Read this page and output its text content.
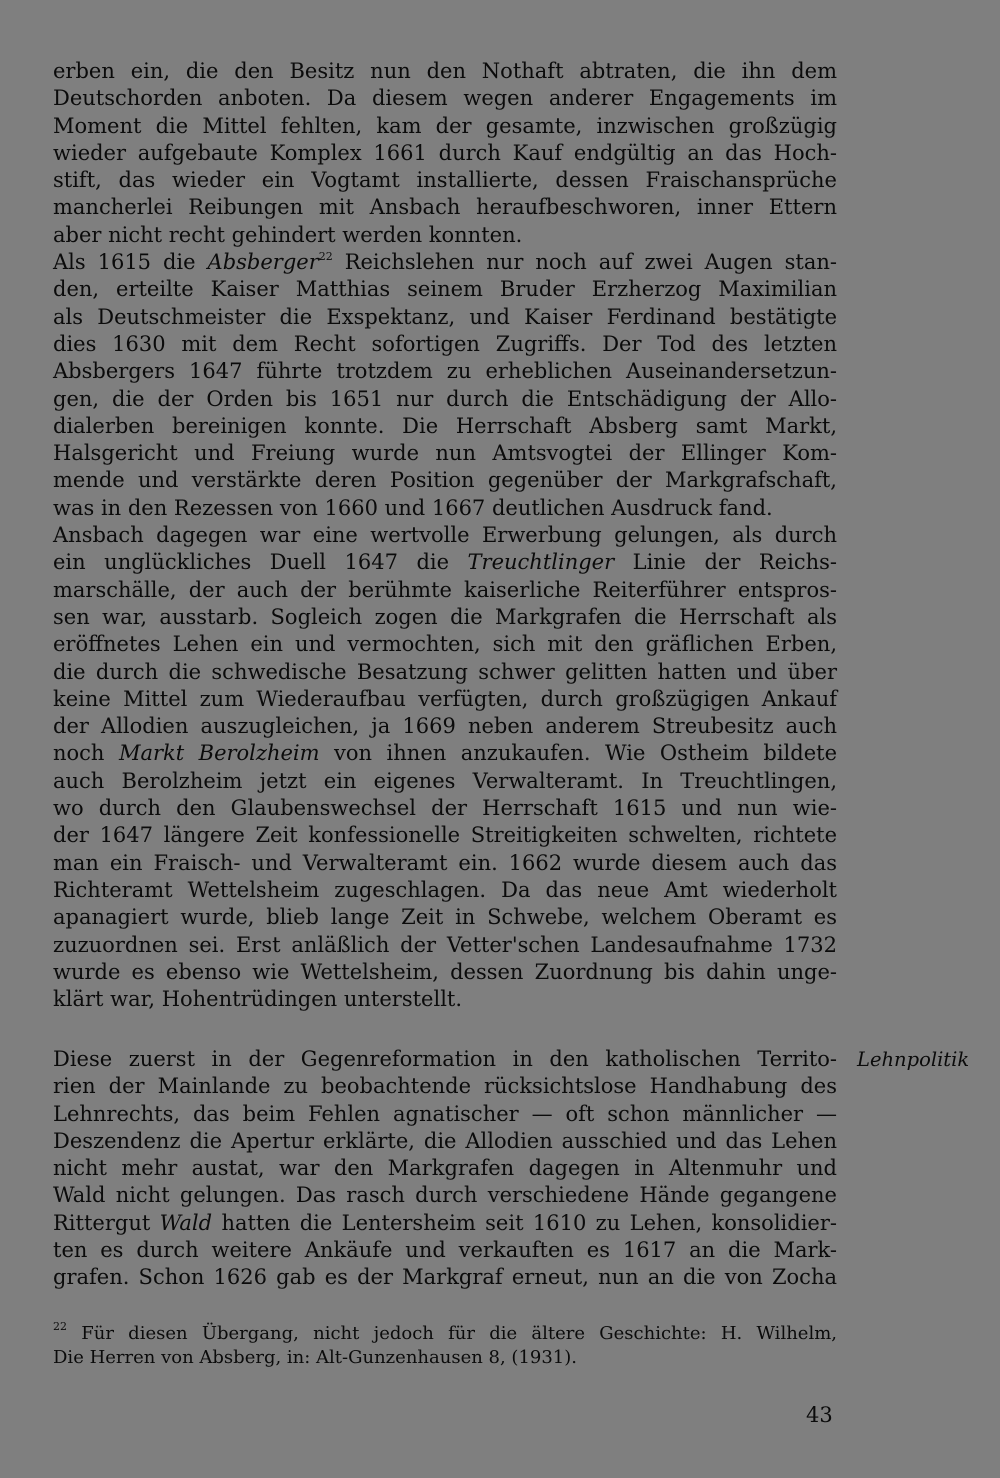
erben ein, die den Besitz nun den Nothaft abtraten, die ihn dem
Deutschorden anboten. Da diesem wegen anderer Engagements im
Moment die Mittel fehlten, kam der gesamte, inzwischen großzügig
wieder aufgebaute Komplex 1661 durch Kauf endgültig an das Hoch-
stift, das wieder ein Vogtamt installierte, dessen Fraischansprüche
mancherlei Reibungen mit Ansbach heraufbeschworen, inner Ettern
aber nicht recht gehindert werden konnten.
Als 1615 die Absberger$^{22}$ Reichslehen nur noch auf zwei Augen stan-
den, erteilte Kaiser Matthias seinem Bruder Erzherzog Maximilian
als Deutschmeister die Exspektanz, und Kaiser Ferdinand bestätigte
dies 1630 mit dem Recht sofortigen Zugriffs. Der Tod des letzten
Absbergers 1647 führte trotzdem zu erheblichen Auseinandersetzun-
gen, die der Orden bis 1651 nur durch die Entschädigung der Allo-
dialerben bereinigen konnte. Die Herrschaft Absberg samt Markt,
Halsgericht und Freiung wurde nun Amtsvogtei der Ellinger Kom-
mende und verstärkte deren Position gegenüber der Markgrafschaft,
was in den Rezessen von 1660 und 1667 deutlichen Ausdruck fand.
Ansbach dagegen war eine wertvolle Erwerbung gelungen, als durch
ein unglückliches Duell 1647 die Treuchtlinger Linie der Reichs-
marschälle, der auch der berühmte kaiserliche Reiterführer entspros-
sen war, ausstarb. Sogleich zogen die Markgrafen die Herrschaft als
eröffnetes Lehen ein und vermochten, sich mit den gräflichen Erben,
die durch die schwedische Besatzung schwer gelitten hatten und über
keine Mittel zum Wiederaufbau verfügten, durch großzügigen Ankauf
der Allodien auszugleichen, ja 1669 neben anderem Streubesitz auch
noch Markt Berolzheim von ihnen anzukaufen. Wie Ostheim bildete
auch Berolzheim jetzt ein eigenes Verwalteramt. In Treuchtlingen,
wo durch den Glaubenswechsel der Herrschaft 1615 und nun wie-
der 1647 längere Zeit konfessionelle Streitigkeiten schwelten, richtete
man ein Fraisch- und Verwalteramt ein. 1662 wurde diesem auch das
Richteramt Wettelsheim zugeschlagen. Da das neue Amt wiederholt
apanagiert wurde, blieb lange Zeit in Schwebe, welchem Oberamt es
zuzuordnen sei. Erst anläßlich der Vetter'schen Landesaufnahme 1732
wurde es ebenso wie Wettelsheim, dessen Zuordnung bis dahin unge-
klärt war, Hohentrüdingen unterstellt.
Diese zuerst in der Gegenreformation in den katholischen Territo-
rien der Mainlande zu beobachtende rücksichtslose Handhabung des
Lehnrechts, das beim Fehlen agnatischer — oft schon männlicher —
Deszendenz die Apertur erklärte, die Allodien ausschied und das Lehen
nicht mehr austat, war den Markgrafen dagegen in Altenmuhr und
Wald nicht gelungen. Das rasch durch verschiedene Hände gegangene
Rittergut Wald hatten die Lentersheim seit 1610 zu Lehen, konsolidier-
ten es durch weitere Ankäufe und verkauften es 1617 an die Mark-
grafen. Schon 1626 gab es der Markgraf erneut, nun an die von Zocha
Lehnpolitik
$^{22}$ Für diesen Übergang, nicht jedoch für die ältere Geschichte: H. Wilhelm,
Die Herren von Absberg, in: Alt-Gunzenhausen 8, (1931).
43
